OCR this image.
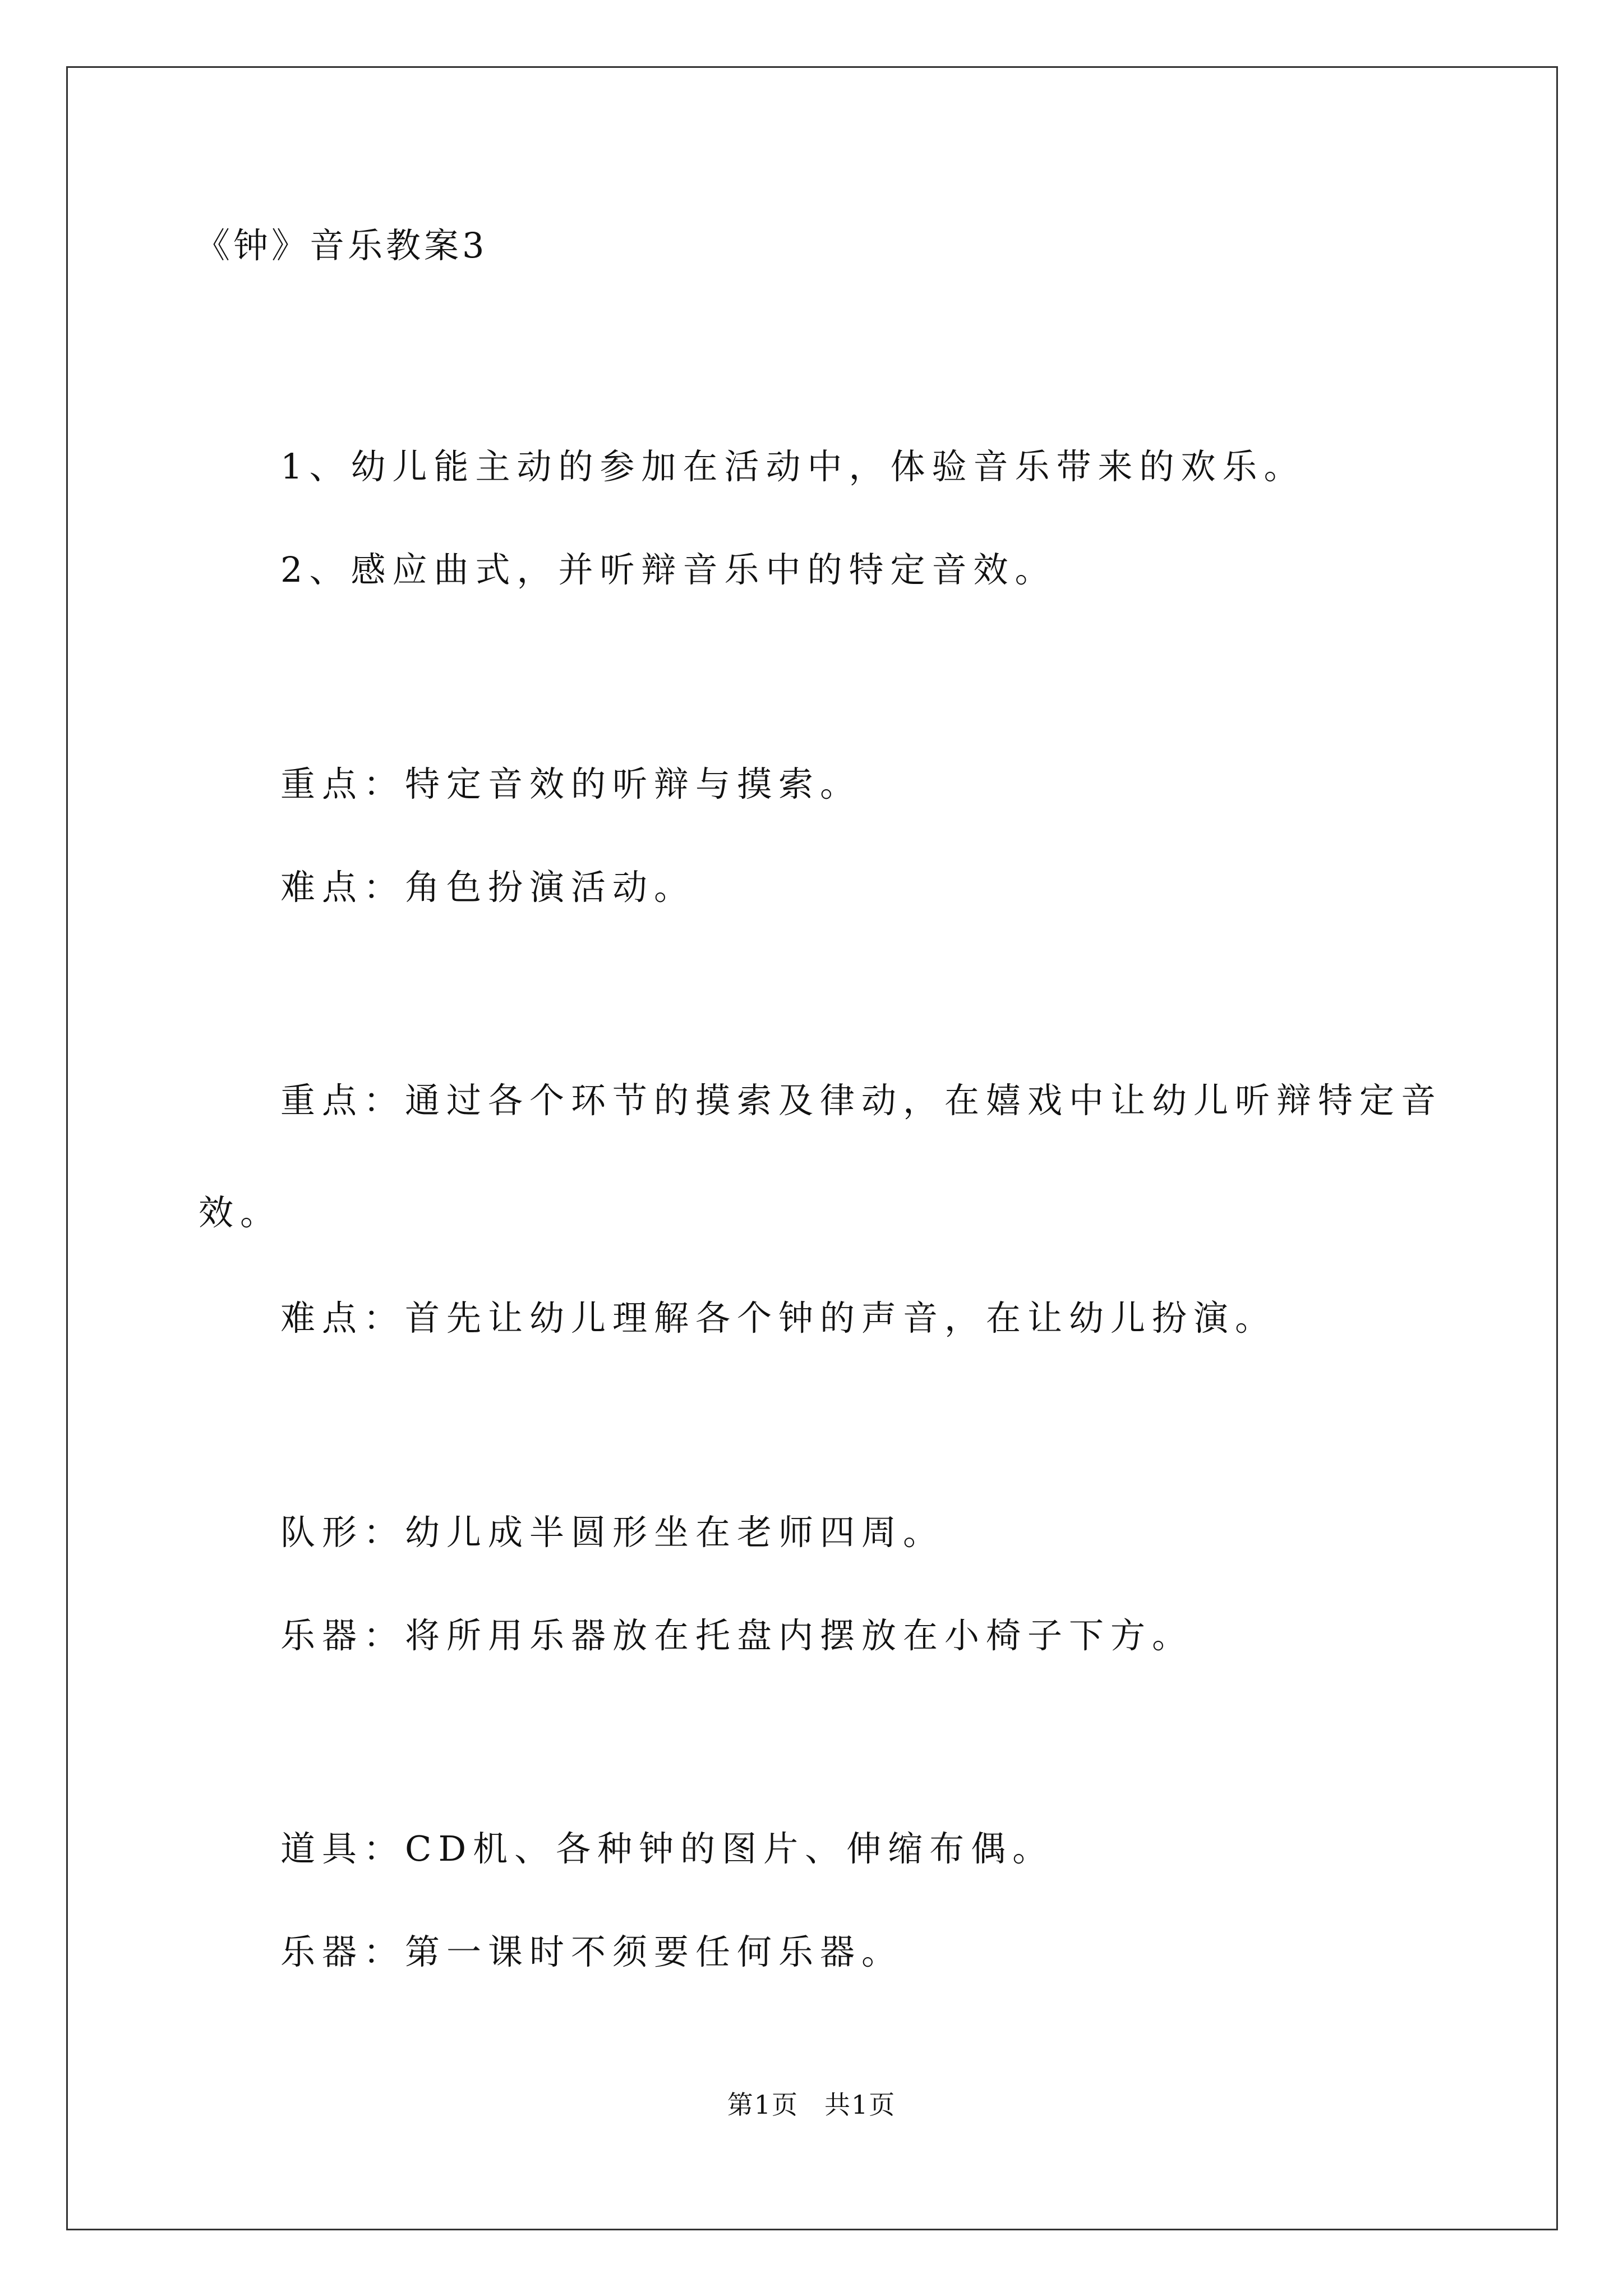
《钟》音乐教案3
1、幼儿能主动的参加在活动中，体验音乐带来的欢乐。
2、感应曲式，并听辩音乐中的特定音效。
重点：特定音效的听辩与摸索。
难点：角色扮演活动。
重点：通过各个环节的摸索及律动，在嬉戏中让幼儿听辩特定音
效。
难点：首先让幼儿理解各个钟的声音，在让幼儿扮演。
队形：幼儿成半圆形坐在老师四周。
乐器：将所用乐器放在托盘内摆放在小椅子下方。
道具：CD机、各种钟的图片、伸缩布偶。
乐器：第一课时不须要任何乐器。
第1页 共1页
